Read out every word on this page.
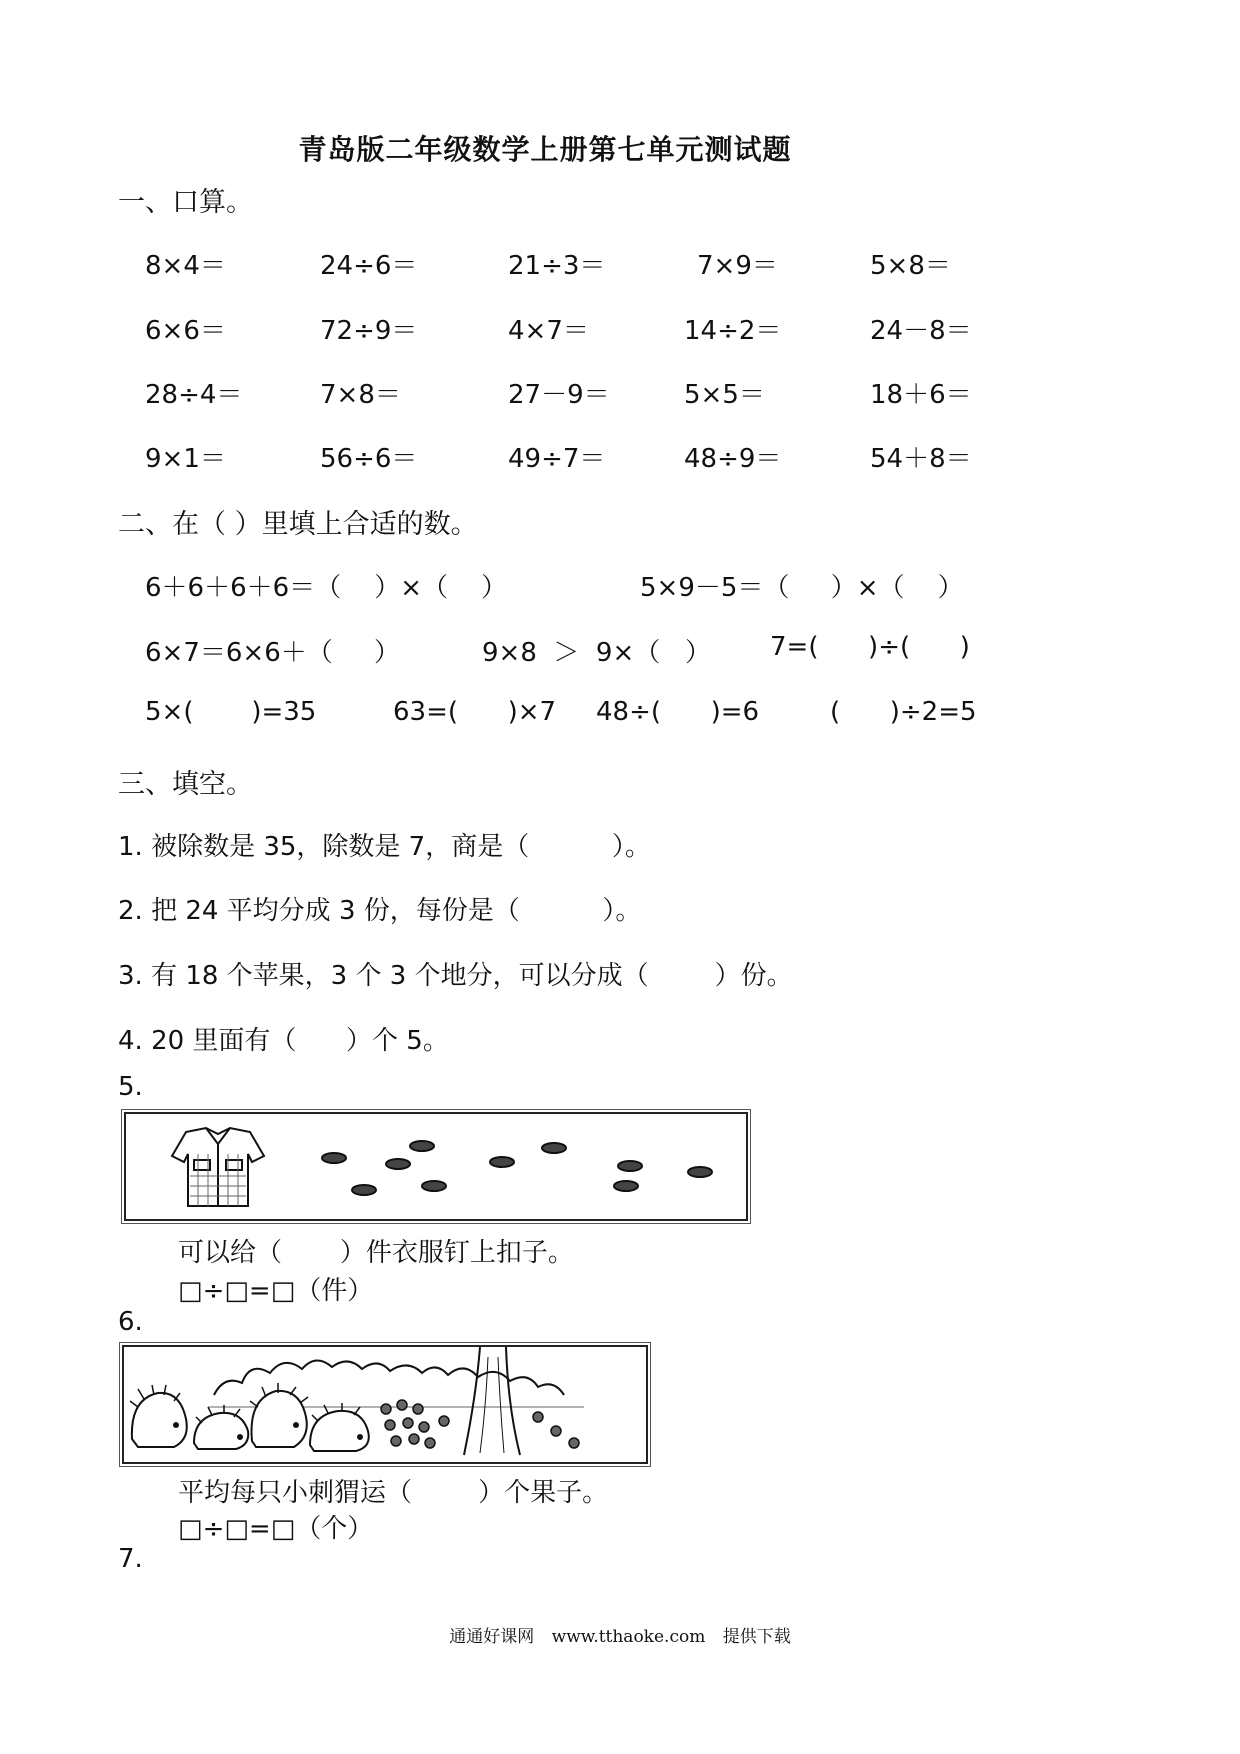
青岛版二年级数学上册第七单元测试题
一、口算。
8×4＝	24÷6＝	21÷3＝	7×9＝	5×8＝
6×6＝	72÷9＝	4×7＝	14÷2＝	24－8＝
28÷4＝	7×8＝	27－9＝	5×5＝	18＋6＝
9×1＝	56÷6＝	49÷7＝	48÷9＝	54＋8＝
二、在（ ）里填上合适的数。
6＋6＋6＋6＝（    ）×（    ）	5×9－5＝（     ）×（    ）
6×7＝6×6＋（     ）	9×8  ＞  9×（   ） 7=(      )÷(      )
5×(       )=35	63=(      )×7 48÷(      )=6	(      )÷2=5
三、填空。
1. 被除数是 35，除数是 7，商是（          ）。
2. 把 24 平均分成 3 份，每份是（          ）。
3. 有 18 个苹果，3 个 3 个地分，可以分成（        ）份。
4. 20 里面有（      ）个 5。
5.
可以给（       ）件衣服钉上扣子。
□÷□=□（件）
6.
平均每只小刺猬运（        ）个果子。
□÷□=□（个）
7.
通通好课网 www.tthaoke.com 提供下载
